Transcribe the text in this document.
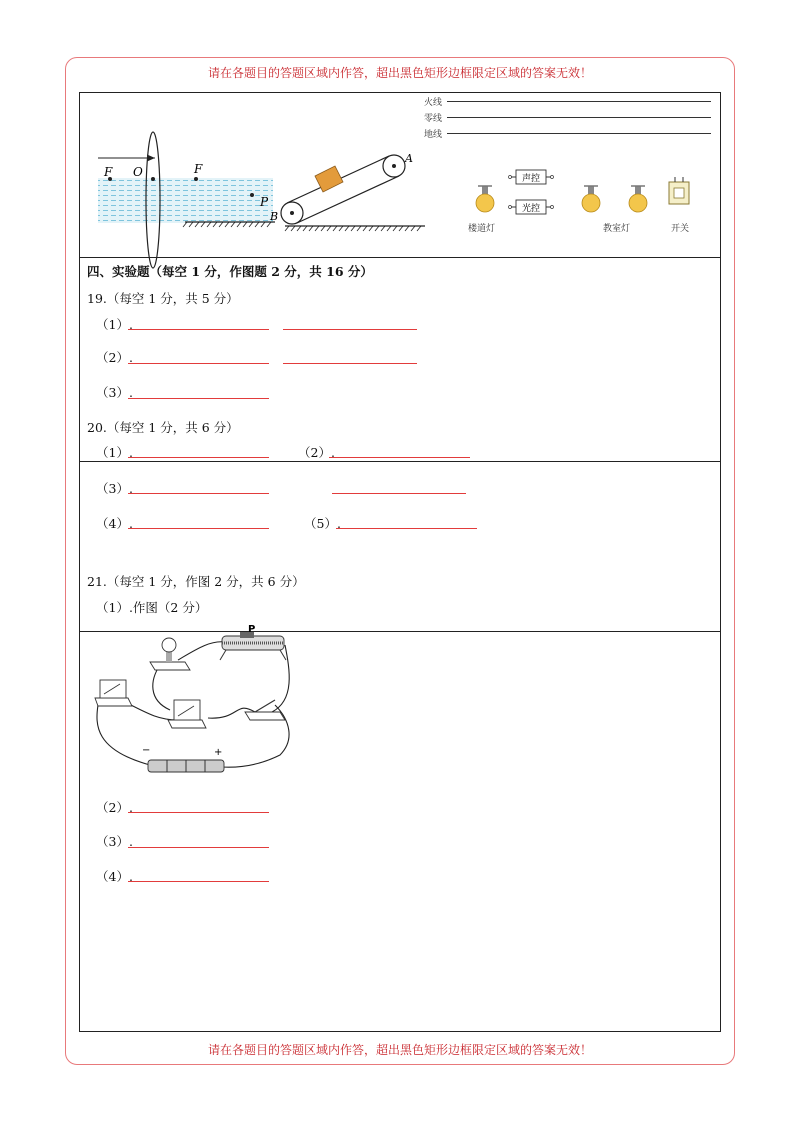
请在各题目的答题区域内作答，超出黑色矩形边框限定区域的答案无效！
请在各题目的答题区域内作答，超出黑色矩形边框限定区域的答案无效！
F O	F
P
A
B
火线
零线
地线
声控
光控
楼道灯	教室灯	开关
四、实验题（每空 1 分，作图题 2 分，共 16 分）
19.（每空 1 分，共 5 分）
（1）.
（2）.
（3）.
20.（每空 1 分，共 6 分）
（1）.	（2）.
（3）.
（4）.	（5）.
21.（每空 1 分，作图 2 分，共 6 分）
（1）.作图（2 分）
P
−	+
（2）.
（3）.
（4）.
